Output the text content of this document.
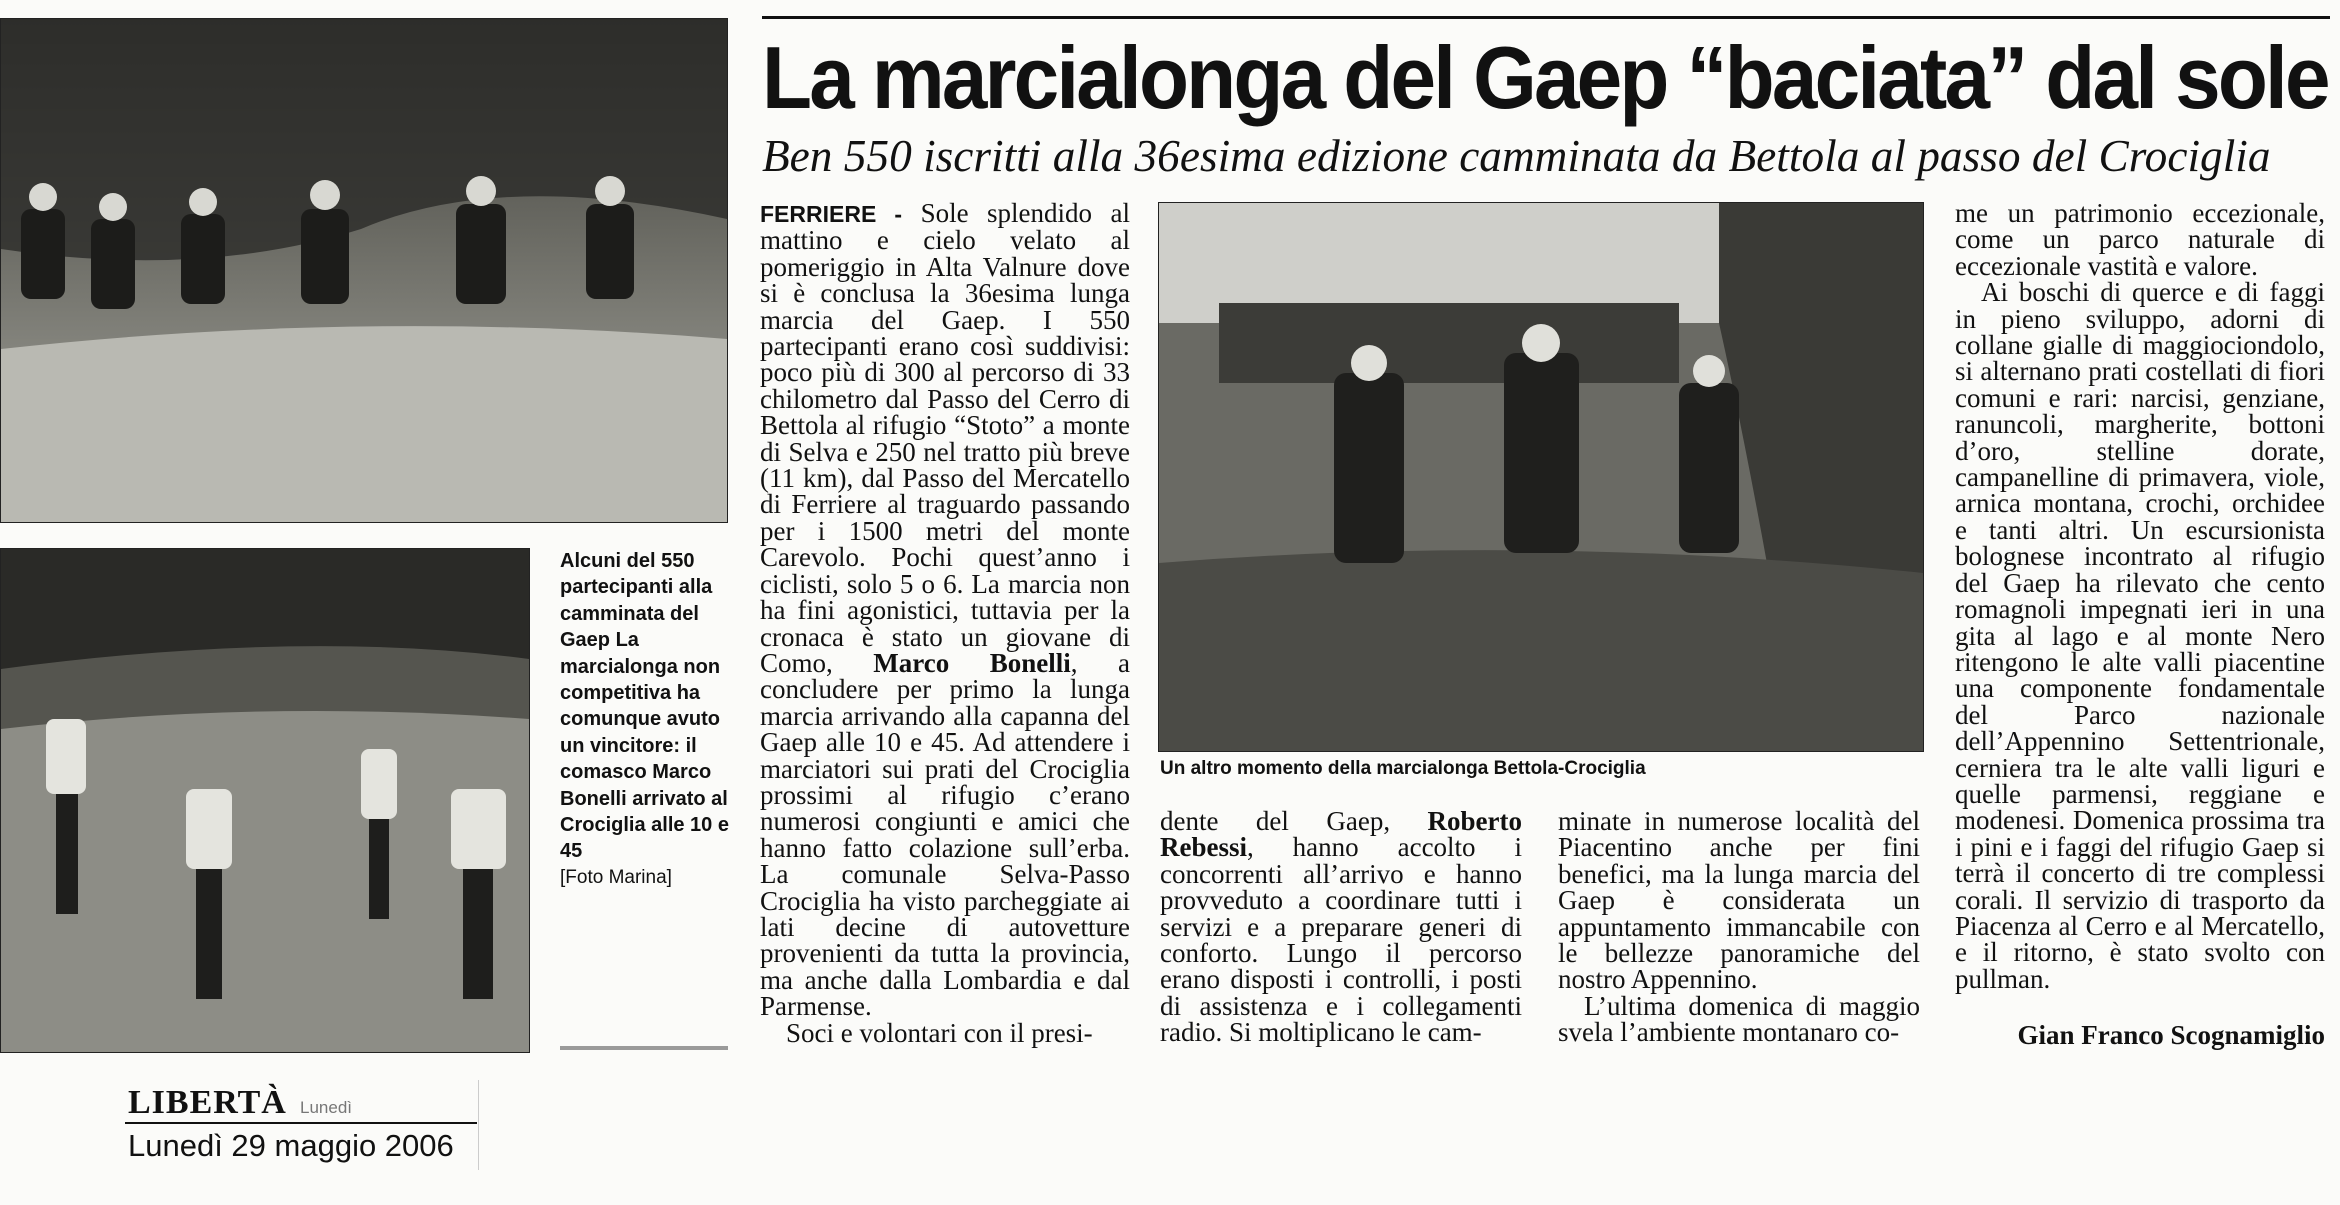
La marcialonga del Gaep “baciata” dal sole
Ben 550 iscritti alla 36esima edizione camminata da Bettola al passo del Crociglia
Alcuni del 550 partecipanti alla camminata del Gaep La marcialonga non competitiva ha comunque avuto un vincitore: il comasco Marco Bonelli arrivato al Crociglia alle 10 e 45
[Foto Marina]

FERRIERE - Sole splendido al mattino e cielo velato al pomeriggio in Alta Valnure dove si è conclusa la 36esima lunga marcia del Gaep. I 550 partecipanti erano così suddivisi: poco più di 300 al percorso di 33 chilometro dal Passo del Cerro di Bettola al rifugio “Stoto” a monte di Selva e 250 nel tratto più breve (11 km), dal Passo del Mercatello di Ferriere al traguardo passando per i 1500 metri del monte Carevolo. Pochi quest’anno i ciclisti, solo 5 o 6. La marcia non ha fini agonistici, tuttavia per la cronaca è stato un giovane di Como, Marco Bonelli, a concludere per primo la lunga marcia arrivando alla capanna del Gaep alle 10 e 45. Ad attendere i marciatori sui prati del Crociglia prossimi al rifugio c’erano numerosi congiunti e amici che hanno fatto colazione sull’erba. La comunale Selva-Passo Crociglia ha visto parcheggiate ai lati decine di autovetture provenienti da tutta la provincia, ma anche dalla Lombardia e dal Parmense.

Soci e volontari con il presi-

dente del Gaep, Roberto Rebessi, hanno accolto i concorrenti all’arrivo e hanno provveduto a coordinare tutti i servizi e a preparare generi di conforto. Lungo il percorso erano disposti i controlli, i posti di assistenza e i collegamenti radio. Si moltiplicano le cam-

minate in numerose località del Piacentino anche per fini benefici, ma la lunga marcia del Gaep è considerata un appuntamento immancabile con le bellezze panoramiche del nostro Appennino.

L’ultima domenica di maggio svela l’ambiente montanaro co-

me un patrimonio eccezionale, come un parco naturale di eccezionale vastità e valore.

Ai boschi di querce e di faggi in pieno sviluppo, adorni di collane gialle di maggiociondolo, si alternano prati costellati di fiori comuni e rari: narcisi, genziane, ranuncoli, margherite, bottoni d’oro, stelline dorate, campanelline di primavera, viole, arnica montana, crochi, orchidee e tanti altri. Un escursionista bolognese incontrato al rifugio del Gaep ha rilevato che cento romagnoli impegnati ieri in una gita al lago e al monte Nero ritengono le alte valli piacentine una componente fondamentale del Parco nazionale dell’Appennino Settentrionale, cerniera tra le alte valli liguri e quelle parmensi, reggiane e modenesi. Domenica prossima tra i pini e i faggi del rifugio Gaep si terrà il concerto di tre complessi corali. Il servizio di trasporto da Piacenza al Cerro e al Mercatello, e il ritorno, è stato svolto con pullman.

Un altro momento della marcialonga Bettola-Crociglia
Gian Franco Scognamiglio
LIBERTÀ Lunedì
Lunedì 29 maggio 2006
